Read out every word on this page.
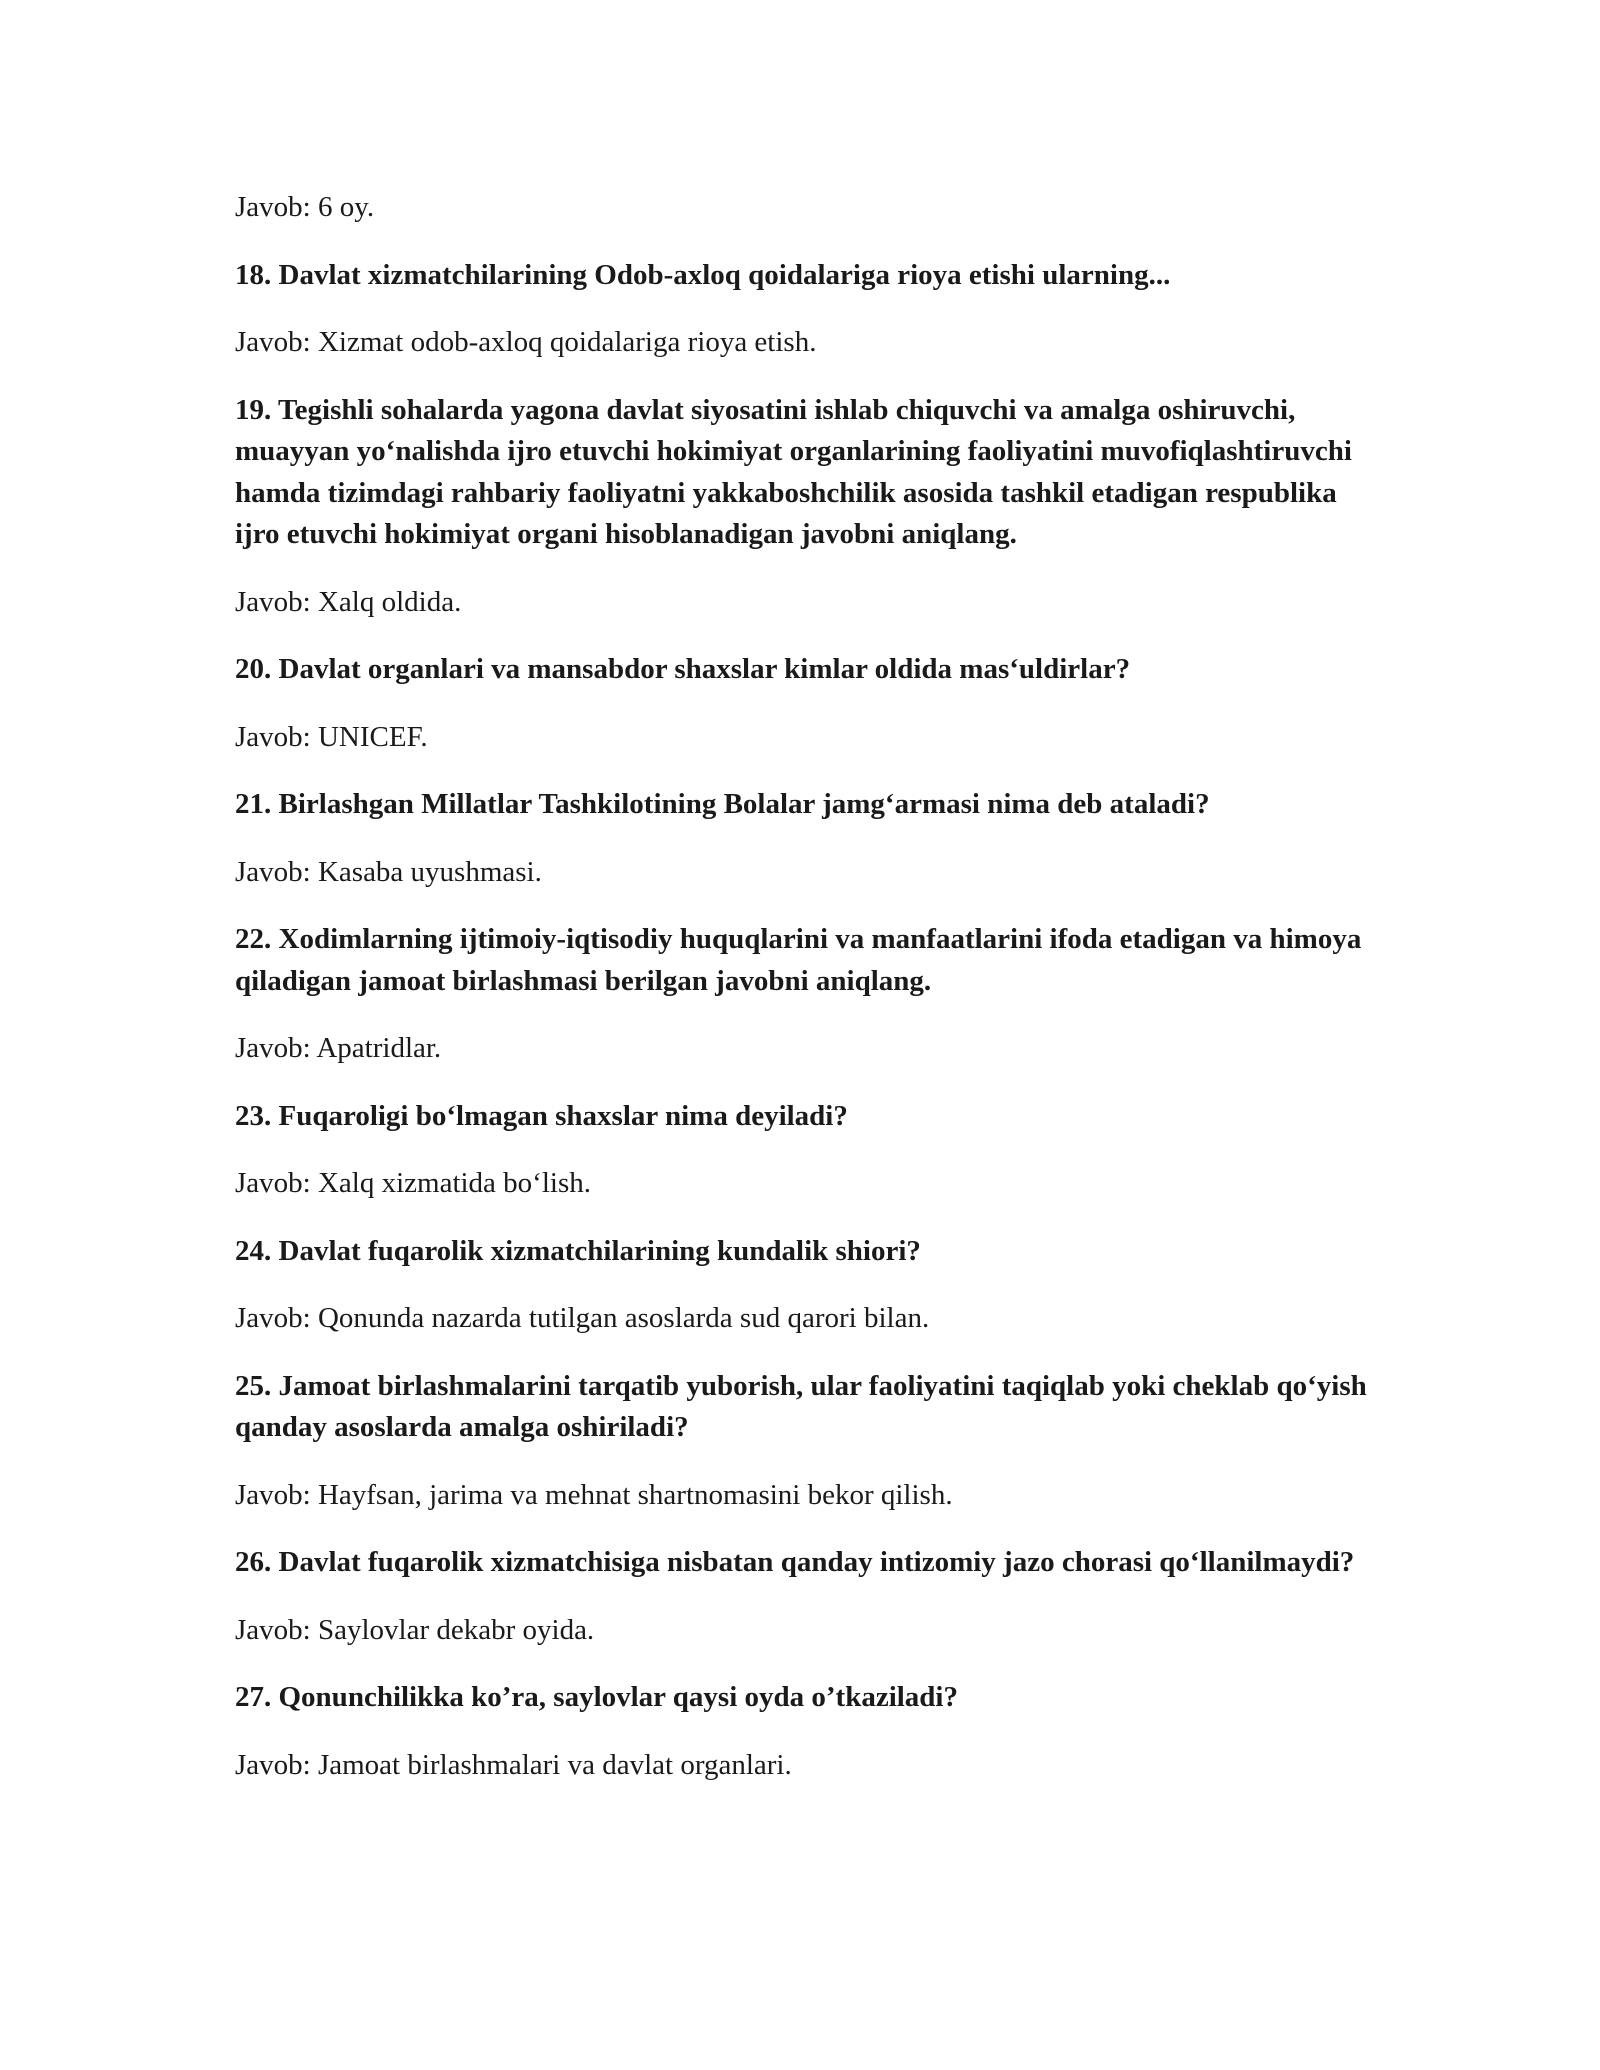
Javob: 6 oy.

18. Davlat xizmatchilarining Odob-axloq qoidalariga rioya etishi ularning...

Javob: Xizmat odob-axloq qoidalariga rioya etish.

19. Tegishli sohalarda yagona davlat siyosatini ishlab chiquvchi va amalga oshiruvchi, muayyan yo‘nalishda ijro etuvchi hokimiyat organlarining faoliyatini muvofiqlashtiruvchi hamda tizimdagi rahbariy faoliyatni yakkaboshchilik asosida tashkil etadigan respublika ijro etuvchi hokimiyat organi hisoblanadigan javobni aniqlang.

Javob: Xalq oldida.

20. Davlat organlari va mansabdor shaxslar kimlar oldida mas‘uldirlar?

Javob: UNICEF.

21. Birlashgan Millatlar Tashkilotining Bolalar jamg‘armasi nima deb ataladi?

Javob: Kasaba uyushmasi.

22. Xodimlarning ijtimoiy-iqtisodiy huquqlarini va manfaatlarini ifoda etadigan va himoya qiladigan jamoat birlashmasi berilgan javobni aniqlang.

Javob: Apatridlar.

23. Fuqaroligi bo‘lmagan shaxslar nima deyiladi?

Javob: Xalq xizmatida bo‘lish.

24. Davlat fuqarolik xizmatchilarining kundalik shiori?

Javob: Qonunda nazarda tutilgan asoslarda sud qarori bilan.

25. Jamoat birlashmalarini tarqatib yuborish, ular faoliyatini taqiqlab yoki cheklab qo‘yish qanday asoslarda amalga oshiriladi?

Javob: Hayfsan, jarima va mehnat shartnomasini bekor qilish.

26. Davlat fuqarolik xizmatchisiga nisbatan qanday intizomiy jazo chorasi qo‘llanilmaydi?

Javob: Saylovlar dekabr oyida.

27. Qonunchilikka ko’ra, saylovlar qaysi oyda o’tkaziladi?

Javob: Jamoat birlashmalari va davlat organlari.
